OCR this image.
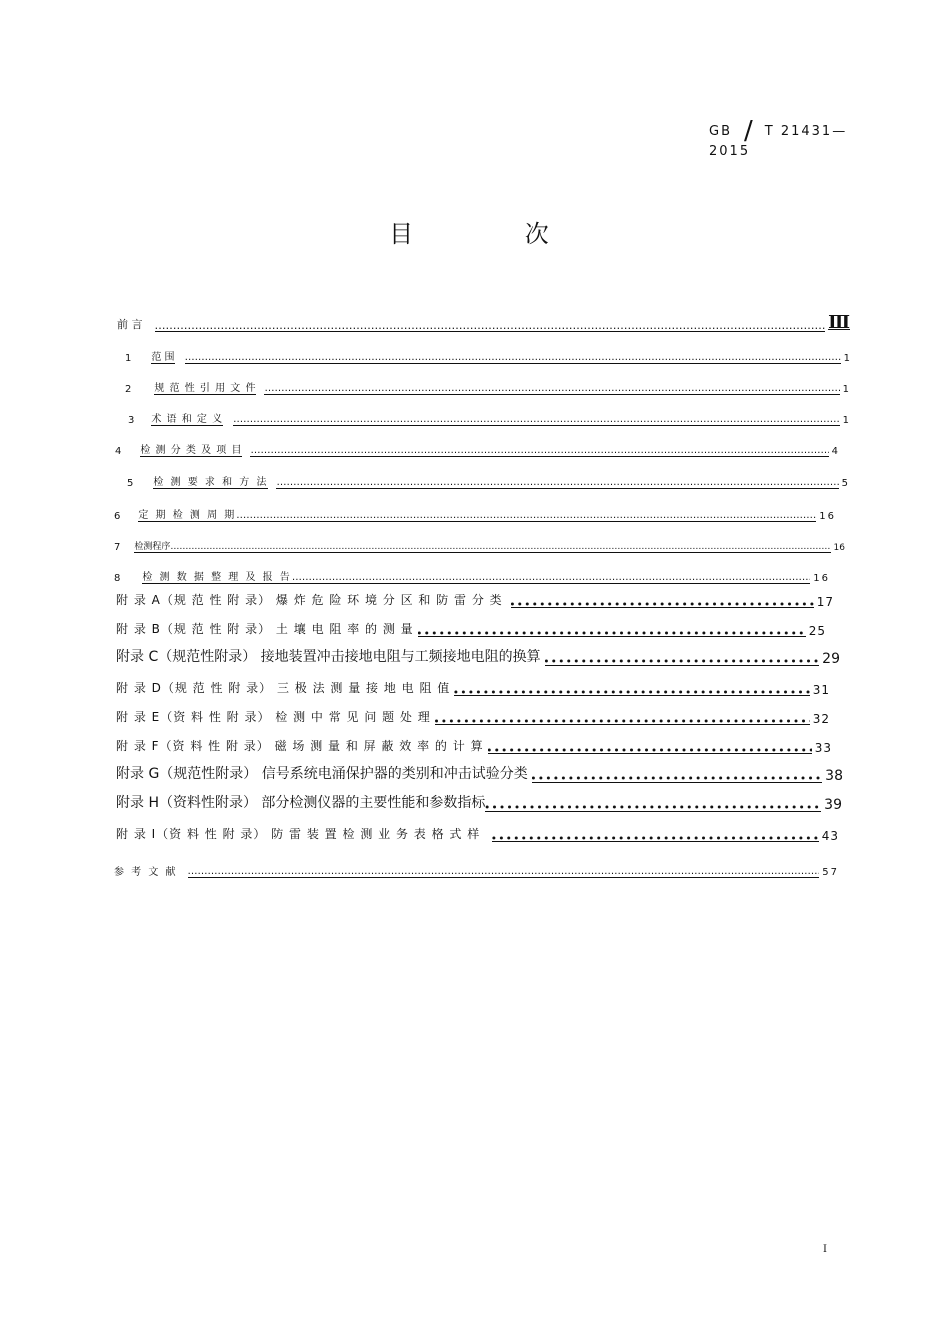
GB / T 21431—
2015
目 次
前 言 …………………………………………………………………………………………………………………………………………………………………………………………………………………………………………	Ⅲ
1 范 围 …………………………………………………………………………………………………………………………………………………………………………………………………………………………………………	1
2 规 范 性 引 用 文 件 …………………………………………………………………………………………………………………………………………………………………………………………………………………………………………	1
3 术 语 和 定 义 …………………………………………………………………………………………………………………………………………………………………………………………………………………………………………	1
4 检 测 分 类 及 项 目 …………………………………………………………………………………………………………………………………………………………………………………………………………………………………………	4
5 检 测 要 求 和 方 法 …………………………………………………………………………………………………………………………………………………………………………………………………………………………………………	5
6 定 期 检 测 周 期 …………………………………………………………………………………………………………………………………………………………………………………………………………………………………………	16
7 检测程序 …………………………………………………………………………………………………………………………………………………………………………………………………………………………………………	16
8 检 测 数 据 整 理 及 报 告 …………………………………………………………………………………………………………………………………………………………………………………………………………………………………………	16
附 录 A（规 范 性 附 录） 爆 炸 危 险 环 境 分 区 和 防 雷 分 类 ●●●●●●●●●●●●●●●●●●●●●●●●●●●●●●●●●●●●●●●●●●●●●●●●●●●●●●●●●●●●●●●●●●●●●●●●●●●●●●●●●●	17
附 录 B（规 范 性 附 录） 土 壤 电 阻 率 的 测 量 ●●●●●●●●●●●●●●●●●●●●●●●●●●●●●●●●●●●●●●●●●●●●●●●●●●●●●●●●●●●●●●●●●●●●●●●●●●●●●●●●●●	25
附录 C（规范性附录） 接地装置冲击接地电阻与工频接地电阻的换算 ●●●●●●●●●●●●●●●●●●●●●●●●●●●●●●●●●●●●●●●●●●●●●●●●●●●●●●●●●●●●●●●●●●●●●●●●●●●●●●●●●●	29
附 录 D（规 范 性 附 录） 三 极 法 测 量 接 地 电 阻 值 ●●●●●●●●●●●●●●●●●●●●●●●●●●●●●●●●●●●●●●●●●●●●●●●●●●●●●●●●●●●●●●●●●●●●●●●●●●●●●●●●●●	31
附 录 E（资 料 性 附 录） 检 测 中 常 见 问 题 处 理 ●●●●●●●●●●●●●●●●●●●●●●●●●●●●●●●●●●●●●●●●●●●●●●●●●●●●●●●●●●●●●●●●●●●●●●●●●●●●●●●●●●	32
附 录 F（资 料 性 附 录） 磁 场 测 量 和 屏 蔽 效 率 的 计 算 ●●●●●●●●●●●●●●●●●●●●●●●●●●●●●●●●●●●●●●●●●●●●●●●●●●●●●●●●●●●●●●●●●●●●●●●●●●●●●●●●●●	33
附录 G（规范性附录） 信号系统电涌保护器的类别和冲击试验分类 ●●●●●●●●●●●●●●●●●●●●●●●●●●●●●●●●●●●●●●●●●●●●●●●●●●●●●●●●●●●●●●●●●●●●●●●●●●●●●●●●●●	38
附录 H（资料性附录） 部分检测仪器的主要性能和参数指标 ●●●●●●●●●●●●●●●●●●●●●●●●●●●●●●●●●●●●●●●●●●●●●●●●●●●●●●●●●●●●●●●●●●●●●●●●●●●●●●●●●●	39
附 录 I（资 料 性 附 录） 防 雷 装 置 检 测 业 务 表 格 式 样 ●●●●●●●●●●●●●●●●●●●●●●●●●●●●●●●●●●●●●●●●●●●●●●●●●●●●●●●●●●●●●●●●●●●●●●●●●●●●●●●●●●	43
参 考 文 献 …………………………………………………………………………………………………………………………………………………………………………………………………………………………………………	57
I
